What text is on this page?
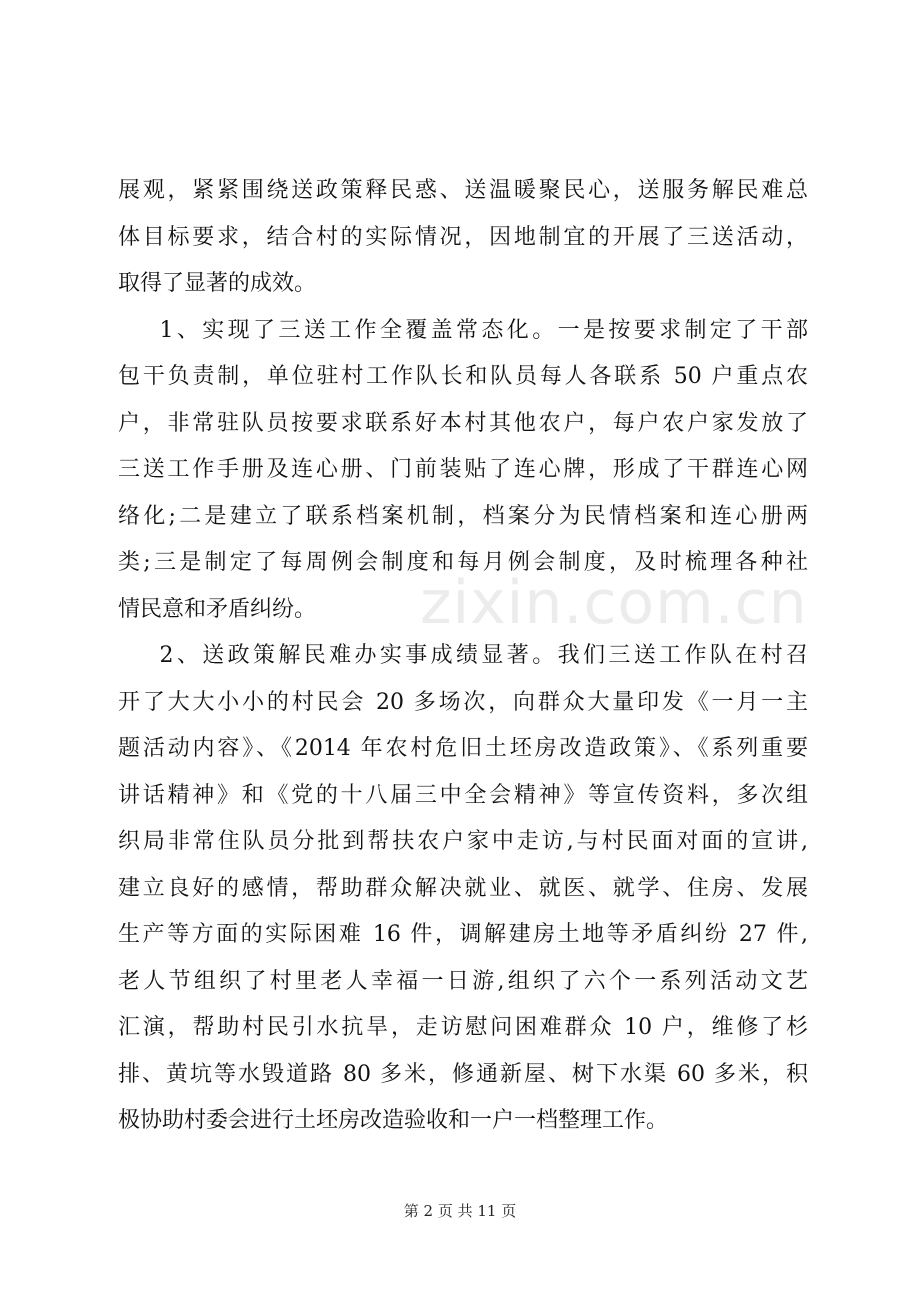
展观，紧紧围绕送政策释民惑、送温暖聚民心，送服务解民难总
体目标要求，结合村的实际情况，因地制宜的开展了三送活动，
取得了显著的成效。
1、实现了三送工作全覆盖常态化。一是按要求制定了干部
包干负责制，单位驻村工作队长和队员每人各联系 50 户重点农
户，非常驻队员按要求联系好本村其他农户，每户农户家发放了
三送工作手册及连心册、门前装贴了连心牌，形成了干群连心网
络化;二是建立了联系档案机制，档案分为民情档案和连心册两
类;三是制定了每周例会制度和每月例会制度，及时梳理各种社
情民意和矛盾纠纷。
2、送政策解民难办实事成绩显著。我们三送工作队在村召
开了大大小小的村民会 20 多场次，向群众大量印发《一月一主
题活动内容》、《2014 年农村危旧土坯房改造政策》、《系列重要
讲话精神》和《党的十八届三中全会精神》等宣传资料，多次组
织局非常住队员分批到帮扶农户家中走访,与村民面对面的宣讲,
建立良好的感情，帮助群众解决就业、就医、就学、住房、发展
生产等方面的实际困难 16 件，调解建房土地等矛盾纠纷 27 件,
老人节组织了村里老人幸福一日游,组织了六个一系列活动文艺
汇演，帮助村民引水抗旱，走访慰问困难群众 10 户，维修了杉
排、黄坑等水毁道路 80 多米，修通新屋、树下水渠 60 多米，积
极协助村委会进行土坯房改造验收和一户一档整理工作。
zixin.com.cn
第 2 页 共 11 页
